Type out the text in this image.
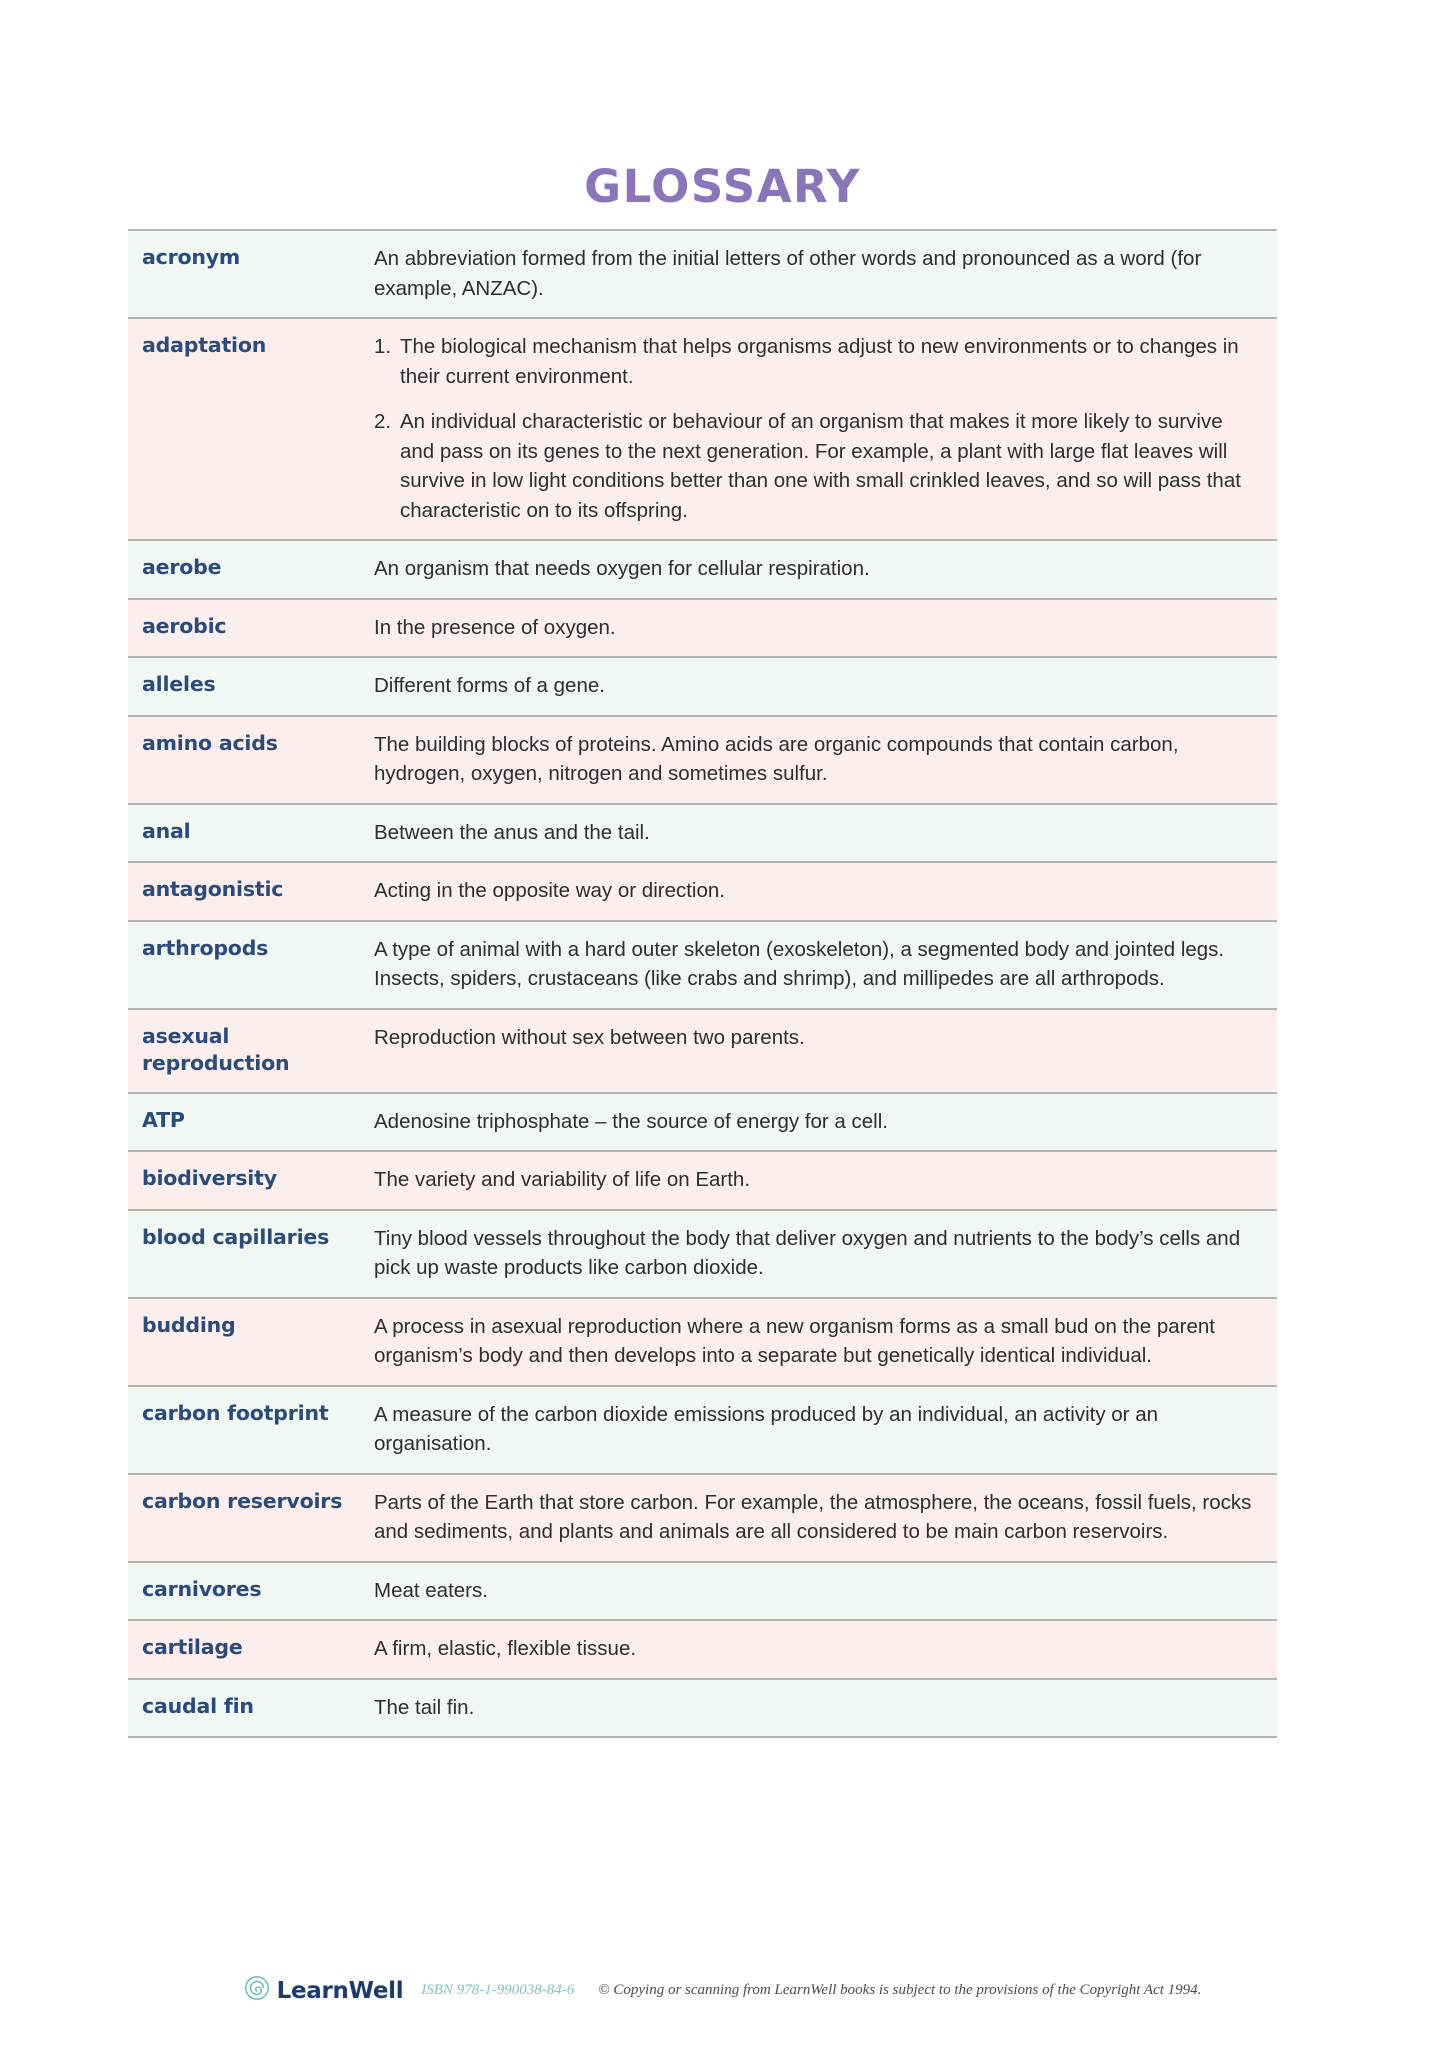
GLOSSARY
acronym	An abbreviation formed from the initial letters of other words and pronounced as a word (for example, ANZAC).

adaptation	1. The biological mechanism that helps organisms adjust to new environments or to changes in their current environment.
2. An individual characteristic or behaviour of an organism that makes it more likely to survive and pass on its genes to the next generation. For example, a plant with large flat leaves will survive in low light conditions better than one with small crinkled leaves, and so will pass that characteristic on to its offspring.

aerobe	An organism that needs oxygen for cellular respiration.

aerobic	In the presence of oxygen.

alleles	Different forms of a gene.

amino acids	The building blocks of proteins. Amino acids are organic compounds that contain carbon, hydrogen, oxygen, nitrogen and sometimes sulfur.

anal	Between the anus and the tail.

antagonistic	Acting in the opposite way or direction.

arthropods	A type of animal with a hard outer skeleton (exoskeleton), a segmented body and jointed legs. Insects, spiders, crustaceans (like crabs and shrimp), and millipedes are all arthropods.

asexual reproduction	Reproduction without sex between two parents.

ATP	Adenosine triphosphate – the source of energy for a cell.

biodiversity	The variety and variability of life on Earth.

blood capillaries	Tiny blood vessels throughout the body that deliver oxygen and nutrients to the body’s cells and pick up waste products like carbon dioxide.

budding	A process in asexual reproduction where a new organism forms as a small bud on the parent organism’s body and then develops into a separate but genetically identical individual.

carbon footprint	A measure of the carbon dioxide emissions produced by an individual, an activity or an organisation.

carbon reservoirs	Parts of the Earth that store carbon. For example, the atmosphere, the oceans, fossil fuels, rocks and sediments, and plants and animals are all considered to be main carbon reservoirs.

carnivores	Meat eaters.

cartilage	A firm, elastic, flexible tissue.

caudal fin	The tail fin.

LearnWell ISBN 978-1-990038-84-6 © Copying or scanning from LearnWell books is subject to the provisions of the Copyright Act 1994.
